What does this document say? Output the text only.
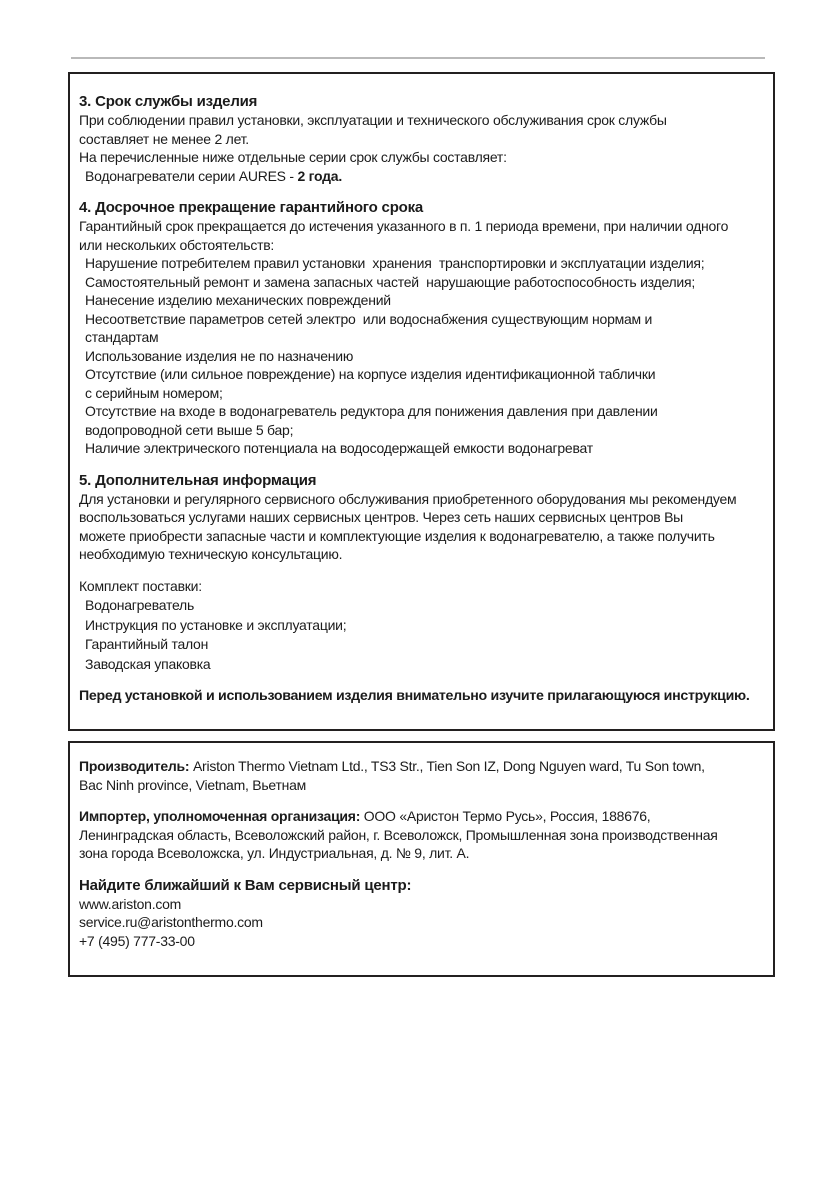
3. Срок службы изделия
При соблюдении правил установки, эксплуатации и технического обслуживания срок службы
составляет не менее 2 лет.
На перечисленные ниже отдельные серии срок службы составляет:
Водонагреватели серии AURES - 2 года.
4. Досрочное прекращение гарантийного срока
Гарантийный срок прекращается до истечения указанного в п. 1 периода времени, при наличии одного
или нескольких обстоятельств:
Нарушение потребителем правил установки  хранения  транспортировки и эксплуатации изделия;
Самостоятельный ремонт и замена запасных частей  нарушающие работоспособность изделия;
Нанесение изделию механических повреждений
Несоответствие параметров сетей электро  или водоснабжения существующим нормам и
стандартам
Использование изделия не по назначению
Отсутствие (или сильное повреждение) на корпусе изделия идентификационной таблички
с серийным номером;
Отсутствие на входе в водонагреватель редуктора для понижения давления при давлении
водопроводной сети выше 5 бар;
Наличие электрического потенциала на водосодержащей емкости водонагреват
5. Дополнительная информация
Для установки и регулярного сервисного обслуживания приобретенного оборудования мы рекомендуем
воспользоваться услугами наших сервисных центров. Через сеть наших сервисных центров Вы
можете приобрести запасные части и комплектующие изделия к водонагревателю, а также получить
необходимую техническую консультацию.
Комплект поставки:
Водонагреватель
Инструкция по установке и эксплуатации;
Гарантийный талон
Заводская упаковка
Перед установкой и использованием изделия внимательно изучите прилагающуюся инструкцию.
Производитель: Ariston Thermo Vietnam Ltd., TS3 Str., Tien Son IZ, Dong Nguyen ward, Tu Son town,
Bac Ninh province, Vietnam, Вьетнам
Импортер, уполномоченная организация: ООО «Аристон Термо Русь», Россия, 188676,
Ленинградская область, Всеволожский район, г. Всеволожск, Промышленная зона производственная
зона города Всеволожска, ул. Индустриальная, д. № 9, лит. А.
Найдите ближайший к Вам сервисный центр:
www.ariston.com
service.ru@aristonthermo.com
+7 (495) 777-33-00
